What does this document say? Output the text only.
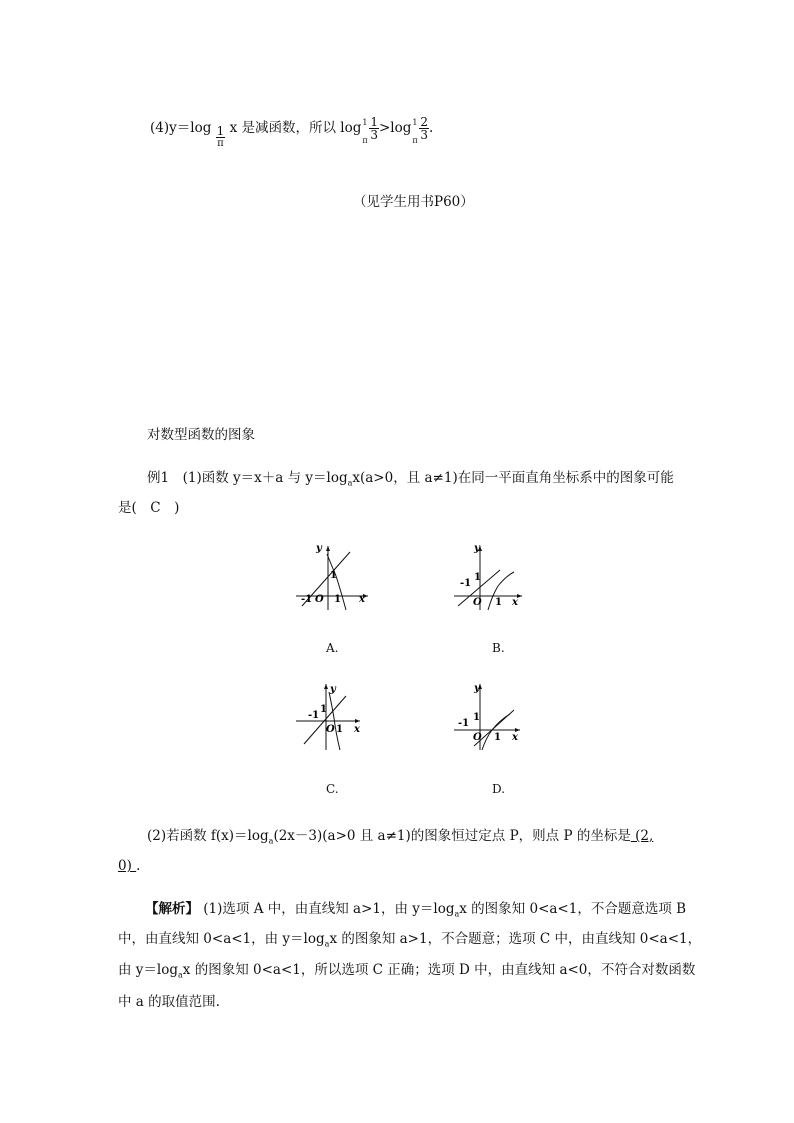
$(4)y=\log \frac{1}{\pi}$ x 是减函数，所以 log 1
π $\frac{1}{3} >\log$ 1
π $\frac{2}{3}$ .
（见学生用书P60）
对数型函数的图象
例1　(1)函数 y＝x＋a 与 $y=\log_ax(a>0$，且 a≠1)在同一平面直角坐标系中的图象可能
是(　C　)
y
x
-1 O 1
1
A.
y
x
-1
O 1
1
B.
y
x
-1
O 1
1
C.
y
x
-1
O 1
1
D.
(2)若函数 $f(x)=\log_a(2x-3)(a>0$ 且 a≠1)的图象恒过定点 P，则点 P 的坐标是 (2,
0) .
【解析】 (1)选项 A 中，由直线知 a>1，由 $y=\log_ax$ 的图象知 0<a<1，不合题意选项 B
中，由直线知 0<a<1，由 $y=\log_ax$ 的图象知 a>1，不合题意；选项 C 中，由直线知 0<a<1，
由 $y=\log_ax$ 的图象知 0<a<1，所以选项 C 正确；选项 D 中，由直线知 a<0，不符合对数函数
中 a 的取值范围.
